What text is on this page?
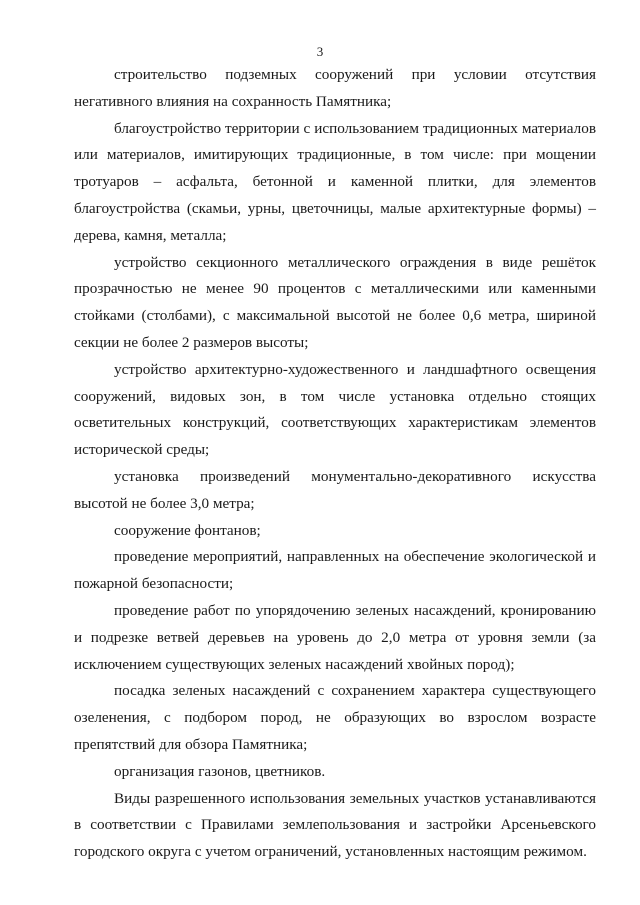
3

строительство подземных сооружений при условии отсутствия негативного влияния на сохранность Памятника;

благоустройство территории с использованием традиционных материалов или материалов, имитирующих традиционные, в том числе: при мощении тротуаров – асфальта, бетонной и каменной плитки, для элементов благоустройства (скамьи, урны, цветочницы, малые архитектурные формы) – дерева, камня, металла;

устройство секционного металлического ограждения в виде решёток прозрачностью не менее 90 процентов с металлическими или каменными стойками (столбами), с максимальной высотой не более 0,6 метра, шириной секции не более 2 размеров высоты;

устройство архитектурно-художественного и ландшафтного освещения сооружений, видовых зон, в том числе установка отдельно стоящих осветительных конструкций, соответствующих характеристикам элементов исторической среды;

установка произведений монументально-декоративного искусства высотой не более 3,0 метра;

сооружение фонтанов;

проведение мероприятий, направленных на обеспечение экологической и пожарной безопасности;

проведение работ по упорядочению зеленых насаждений, кронированию и подрезке ветвей деревьев на уровень до 2,0 метра от уровня земли (за исключением существующих зеленых насаждений хвойных пород);

посадка зеленых насаждений с сохранением характера существующего озеленения, с подбором пород, не образующих во взрослом возрасте препятствий для обзора Памятника;

организация газонов, цветников.

Виды разрешенного использования земельных участков устанавливаются в соответствии с Правилами землепользования и застройки Арсеньевского городского округа с учетом ограничений, установленных настоящим режимом.
